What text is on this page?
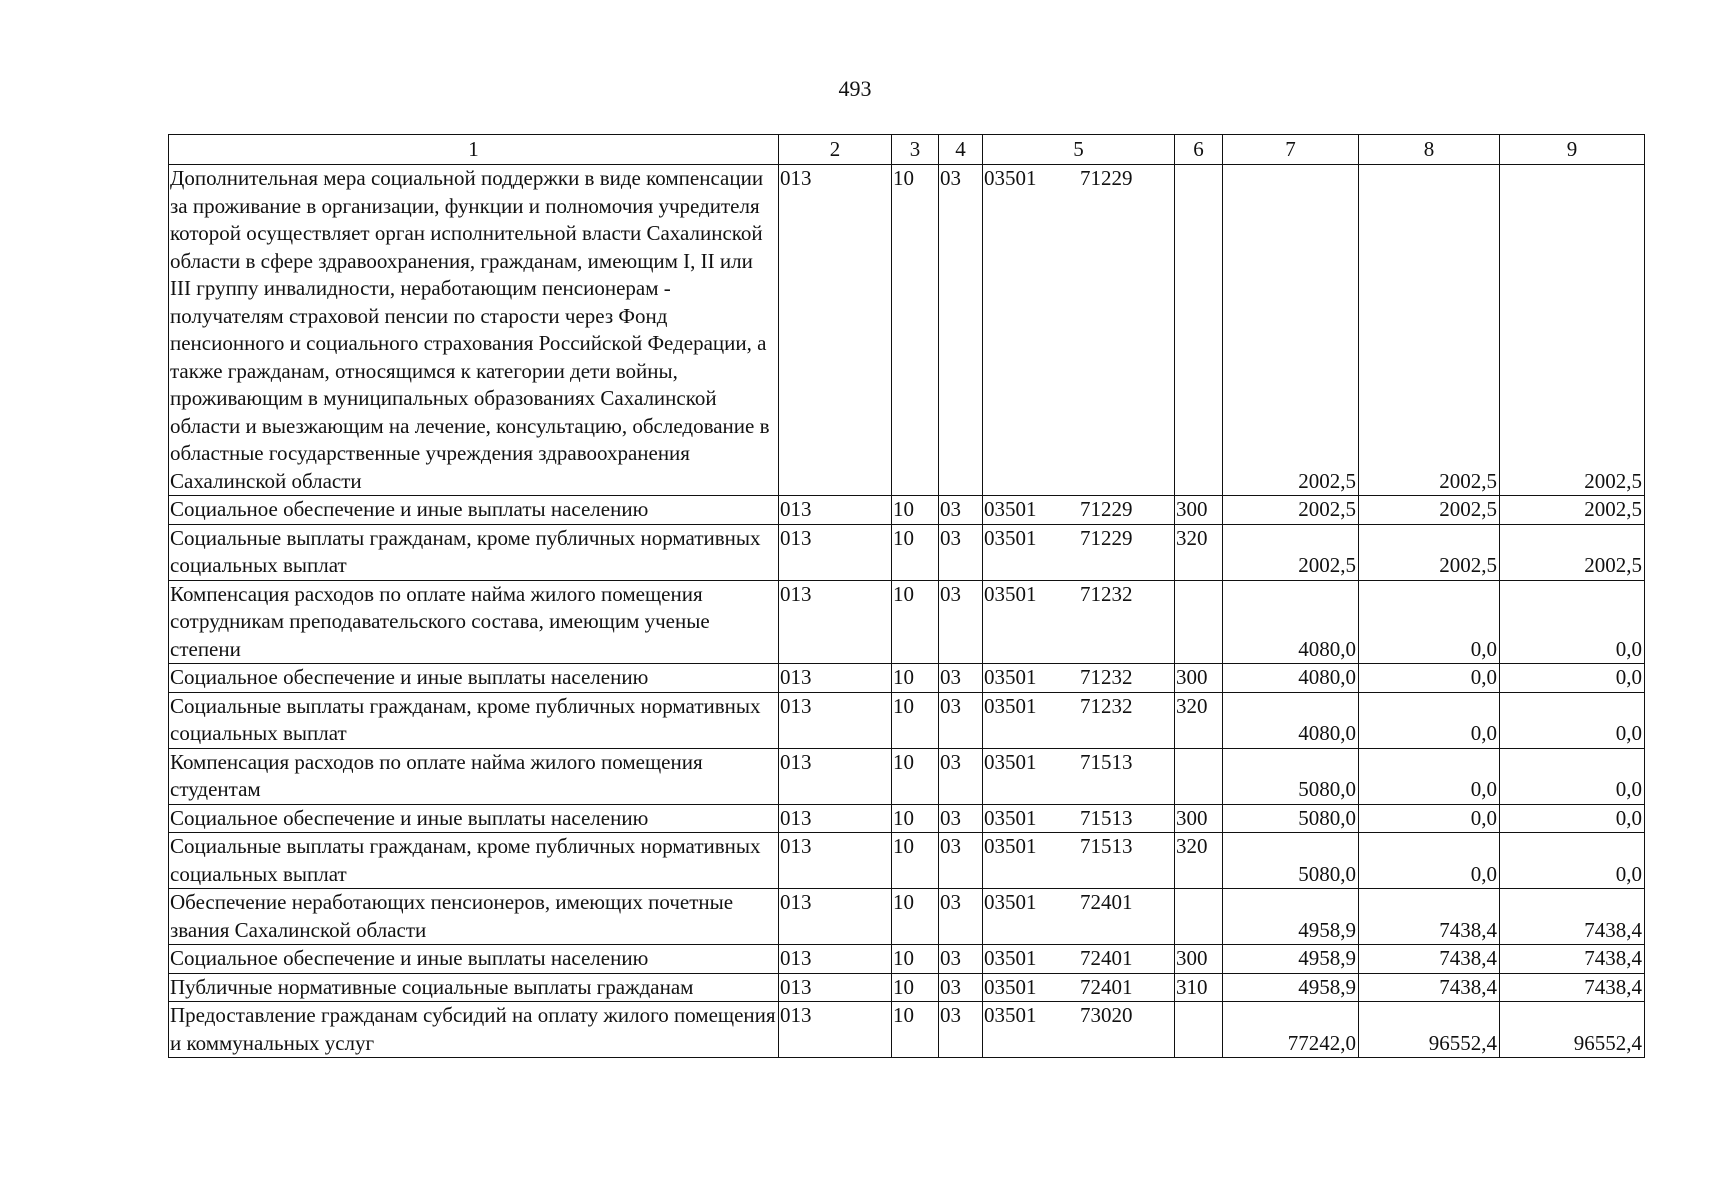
493
1	2	3	4	5	6	7	8	9
Дополнительная мера социальной поддержки в виде компенсации за проживание в организации, функции и полномочия учредителя которой осуществляет орган исполнительной власти Сахалинской области в сфере здравоохранения, гражданам, имеющим I, II или III группу инвалидности, неработающим пенсионерам - получателям страховой пенсии по старости через Фонд пенсионного и социального страхования Российской Федерации, а также гражданам, относящимся к категории дети войны, проживающим в муниципальных образованиях Сахалинской области и выезжающим на лечение, консультацию, обследование в областные государственные учреждения здравоохранения Сахалинской области	013	10	03	03501 71229		2002,5	2002,5	2002,5
Социальное обеспечение и иные выплаты населению	013	10	03	03501 71229	300	2002,5	2002,5	2002,5
Социальные выплаты гражданам, кроме публичных нормативных социальных выплат	013	10	03	03501 71229	320	2002,5	2002,5	2002,5
Компенсация расходов по оплате найма жилого помещения сотрудникам преподавательского состава, имеющим ученые степени	013	10	03	03501 71232		4080,0	0,0	0,0
Социальное обеспечение и иные выплаты населению	013	10	03	03501 71232	300	4080,0	0,0	0,0
Социальные выплаты гражданам, кроме публичных нормативных социальных выплат	013	10	03	03501 71232	320	4080,0	0,0	0,0
Компенсация расходов по оплате найма жилого помещения студентам	013	10	03	03501 71513		5080,0	0,0	0,0
Социальное обеспечение и иные выплаты населению	013	10	03	03501 71513	300	5080,0	0,0	0,0
Социальные выплаты гражданам, кроме публичных нормативных социальных выплат	013	10	03	03501 71513	320	5080,0	0,0	0,0
Обеспечение неработающих пенсионеров, имеющих почетные звания Сахалинской области	013	10	03	03501 72401		4958,9	7438,4	7438,4
Социальное обеспечение и иные выплаты населению	013	10	03	03501 72401	300	4958,9	7438,4	7438,4
Публичные нормативные социальные выплаты гражданам	013	10	03	03501 72401	310	4958,9	7438,4	7438,4
Предоставление гражданам субсидий на оплату жилого помещения и коммунальных услуг	013	10	03	03501 73020		77242,0	96552,4	96552,4
